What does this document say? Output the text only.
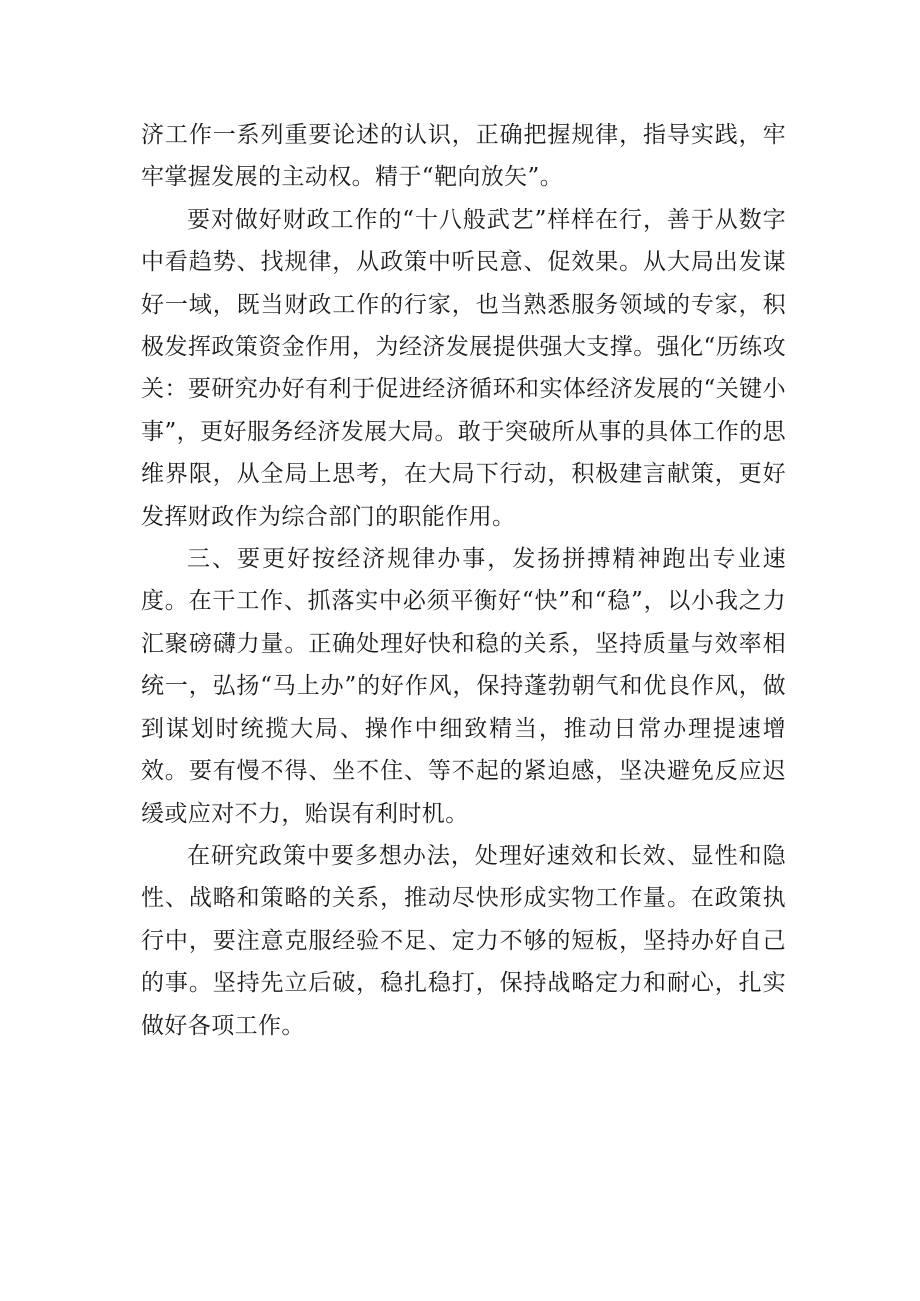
济工作一系列重要论述的认识，正确把握规律，指导实践，牢牢掌握发展的主动权。精于“靶向放矢”。

要对做好财政工作的“十八般武艺”样样在行，善于从数字中看趋势、找规律，从政策中听民意、促效果。从大局出发谋好一域，既当财政工作的行家，也当熟悉服务领域的专家，积极发挥政策资金作用，为经济发展提供强大支撑。强化“历练攻关：要研究办好有利于促进经济循环和实体经济发展的“关键小事”，更好服务经济发展大局。敢于突破所从事的具体工作的思维界限，从全局上思考，在大局下行动，积极建言献策，更好发挥财政作为综合部门的职能作用。

三、要更好按经济规律办事，发扬拼搏精神跑出专业速度。在干工作、抓落实中必须平衡好“快”和“稳”，以小我之力汇聚磅礴力量。正确处理好快和稳的关系，坚持质量与效率相统一，弘扬“马上办”的好作风，保持蓬勃朝气和优良作风，做到谋划时统揽大局、操作中细致精当，推动日常办理提速增效。要有慢不得、坐不住、等不起的紧迫感，坚决避免反应迟缓或应对不力，贻误有利时机。

在研究政策中要多想办法，处理好速效和长效、显性和隐性、战略和策略的关系，推动尽快形成实物工作量。在政策执行中，要注意克服经验不足、定力不够的短板，坚持办好自己的事。坚持先立后破，稳扎稳打，保持战略定力和耐心，扎实做好各项工作。
